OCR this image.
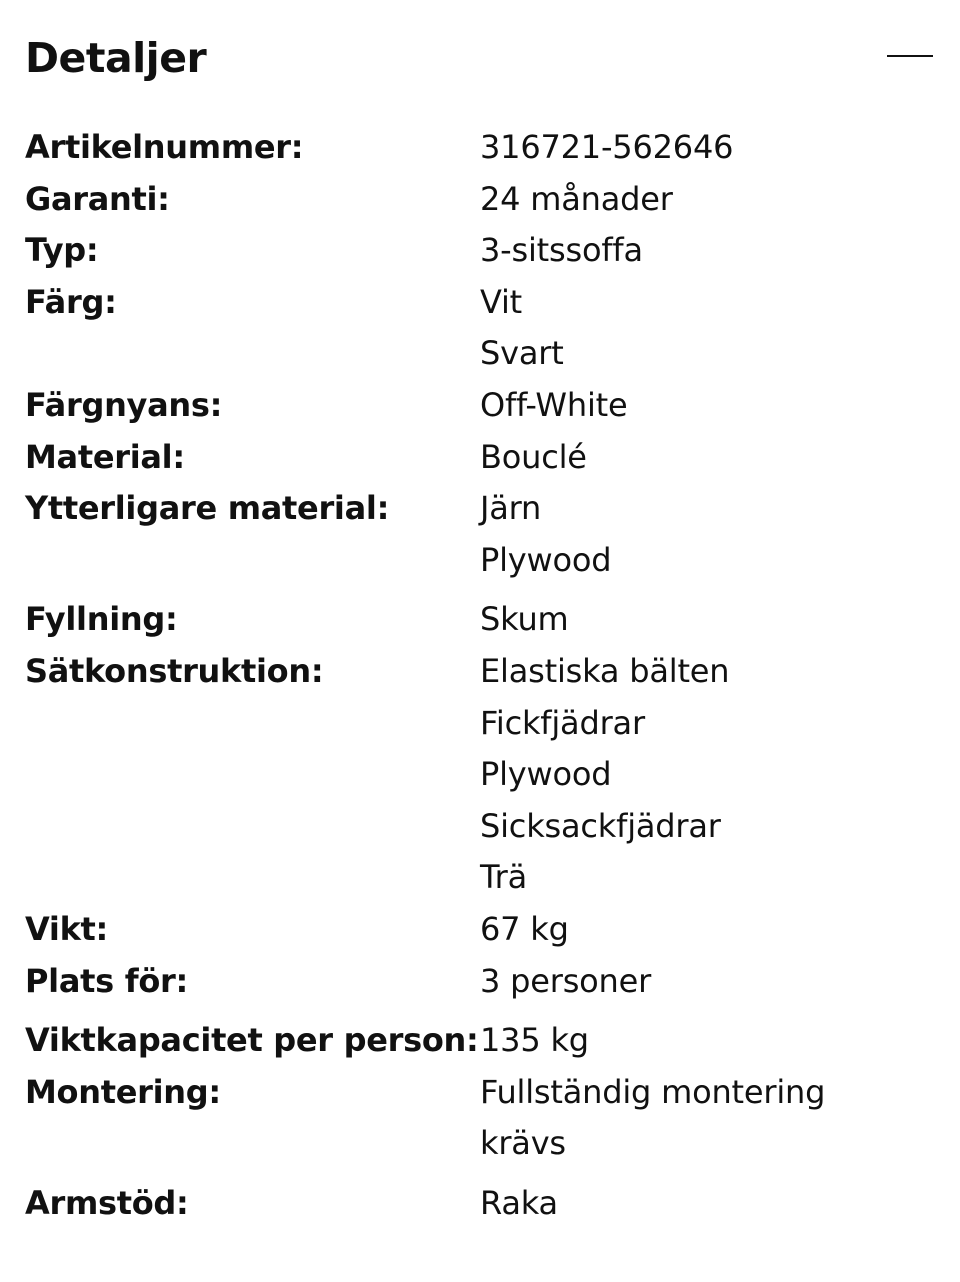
Detaljer
Artikelnummer:	316721-562646
Garanti:	24 månader
Typ:	3-sitssoffa
Färg:	Vit
Svart
Färgnyans:	Off-White
Material:	Bouclé
Ytterligare material:	Järn
Plywood
Fyllning:	Skum
Sätkonstruktion:	Elastiska bälten
Fickfjädrar
Plywood
Sicksackfjädrar
Trä
Vikt:	67 kg
Plats för:	3 personer
Viktkapacitet per person: 135 kg
Montering:	Fullständig montering
krävs
Armstöd:	Raka
